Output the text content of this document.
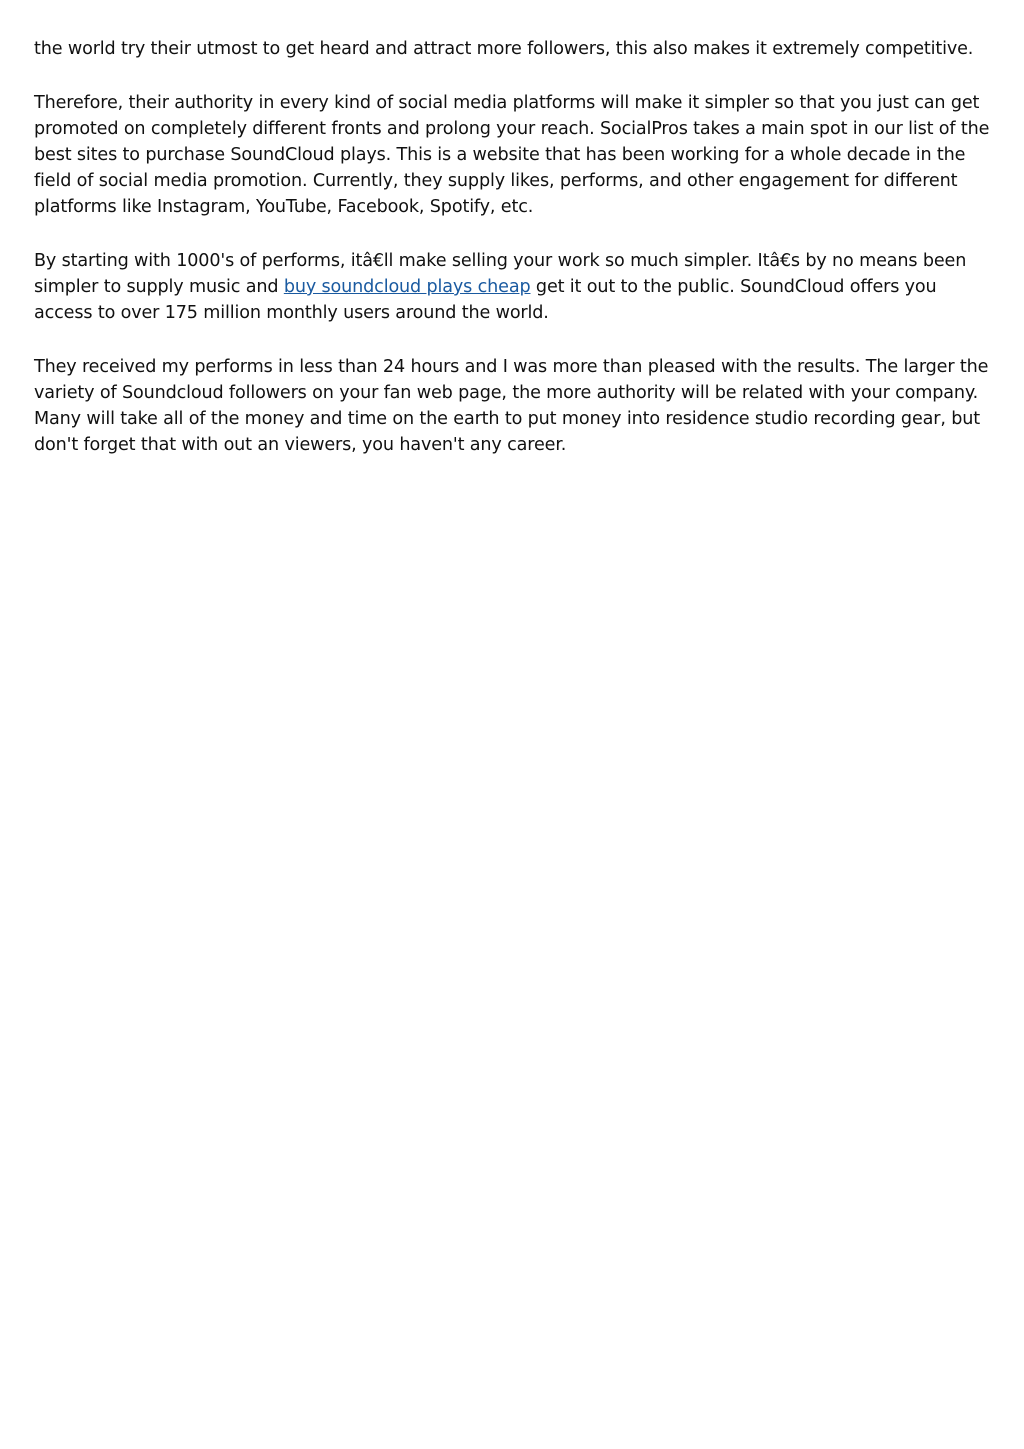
the world try their utmost to get heard and attract more followers, this also makes it extremely competitive.

Therefore, their authority in every kind of social media platforms will make it simpler so that you just can get promoted on completely different fronts and prolong your reach. SocialPros takes a main spot in our list of the best sites to purchase SoundCloud plays. This is a website that has been working for a whole decade in the field of social media promotion. Currently, they supply likes, performs, and other engagement for different platforms like Instagram, YouTube, Facebook, Spotify, etc.

By starting with 1000's of performs, itâ€ll make selling your work so much simpler. Itâ€s by no means been simpler to supply music and buy soundcloud plays cheap get it out to the public. SoundCloud offers you access to over 175 million monthly users around the world.

They received my performs in less than 24 hours and I was more than pleased with the results. The larger the variety of Soundcloud followers on your fan web page, the more authority will be related with your company. Many will take all of the money and time on the earth to put money into residence studio recording gear, but don't forget that with out an viewers, you haven't any career.
